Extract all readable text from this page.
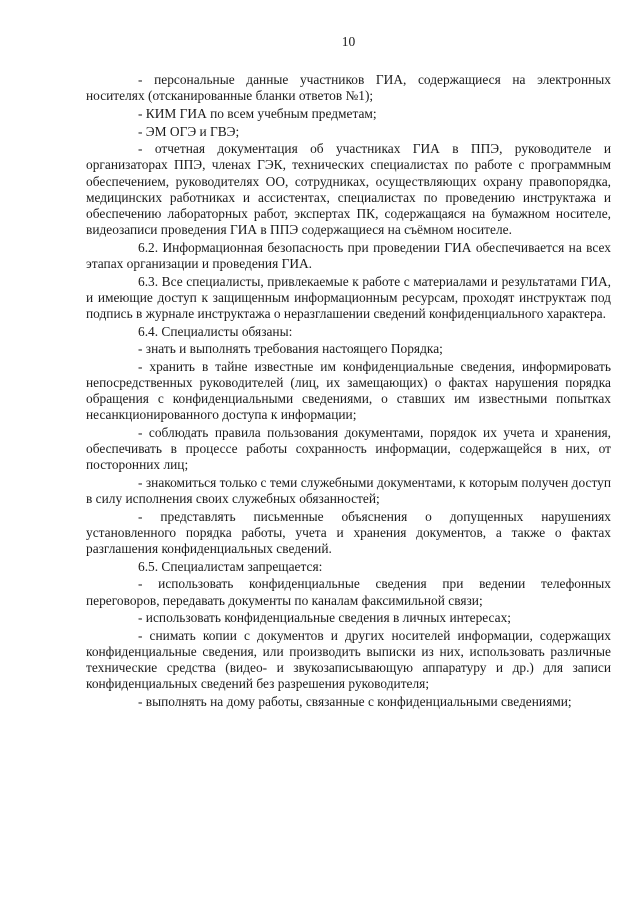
10

- персональные данные участников ГИА, содержащиеся на электронных носителях (отсканированные бланки ответов №1);

- КИМ ГИА по всем учебным предметам;

- ЭМ ОГЭ и ГВЭ;

- отчетная документация об участниках ГИА в ППЭ, руководителе и организаторах ППЭ, членах ГЭК, технических специалистах по работе с программным обеспечением, руководителях ОО, сотрудниках, осуществляющих охрану правопорядка, медицинских работниках и ассистентах, специалистах по проведению инструктажа и обеспечению лабораторных работ, экспертах ПК, содержащаяся на бумажном носителе, видеозаписи проведения ГИА в ППЭ содержащиеся на съёмном носителе.

6.2. Информационная безопасность при проведении ГИА обеспечивается на всех этапах организации и проведения ГИА.

6.3. Все специалисты, привлекаемые к работе с материалами и результатами ГИА, и имеющие доступ к защищенным информационным ресурсам, проходят инструктаж под подпись в журнале инструктажа о неразглашении сведений конфиденциального характера.

6.4. Специалисты обязаны:

- знать и выполнять требования настоящего Порядка;

- хранить в тайне известные им конфиденциальные сведения, информировать непосредственных руководителей (лиц, их замещающих) о фактах нарушения порядка обращения с конфиденциальными сведениями, о ставших им известными попытках несанкционированного доступа к информации;

- соблюдать правила пользования документами, порядок их учета и хранения, обеспечивать в процессе работы сохранность информации, содержащейся в них, от посторонних лиц;

- знакомиться только с теми служебными документами, к которым получен доступ в силу исполнения своих служебных обязанностей;

- представлять письменные объяснения о допущенных нарушениях установленного порядка работы, учета и хранения документов, а также о фактах разглашения конфиденциальных сведений.

6.5. Специалистам запрещается:

- использовать конфиденциальные сведения при ведении телефонных переговоров, передавать документы по каналам факсимильной связи;

- использовать конфиденциальные сведения в личных интересах;

- снимать копии с документов и других носителей информации, содержащих конфиденциальные сведения, или производить выписки из них, использовать различные технические средства (видео- и звукозаписывающую аппаратуру и др.) для записи конфиденциальных сведений без разрешения руководителя;

- выполнять на дому работы, связанные с конфиденциальными сведениями;
